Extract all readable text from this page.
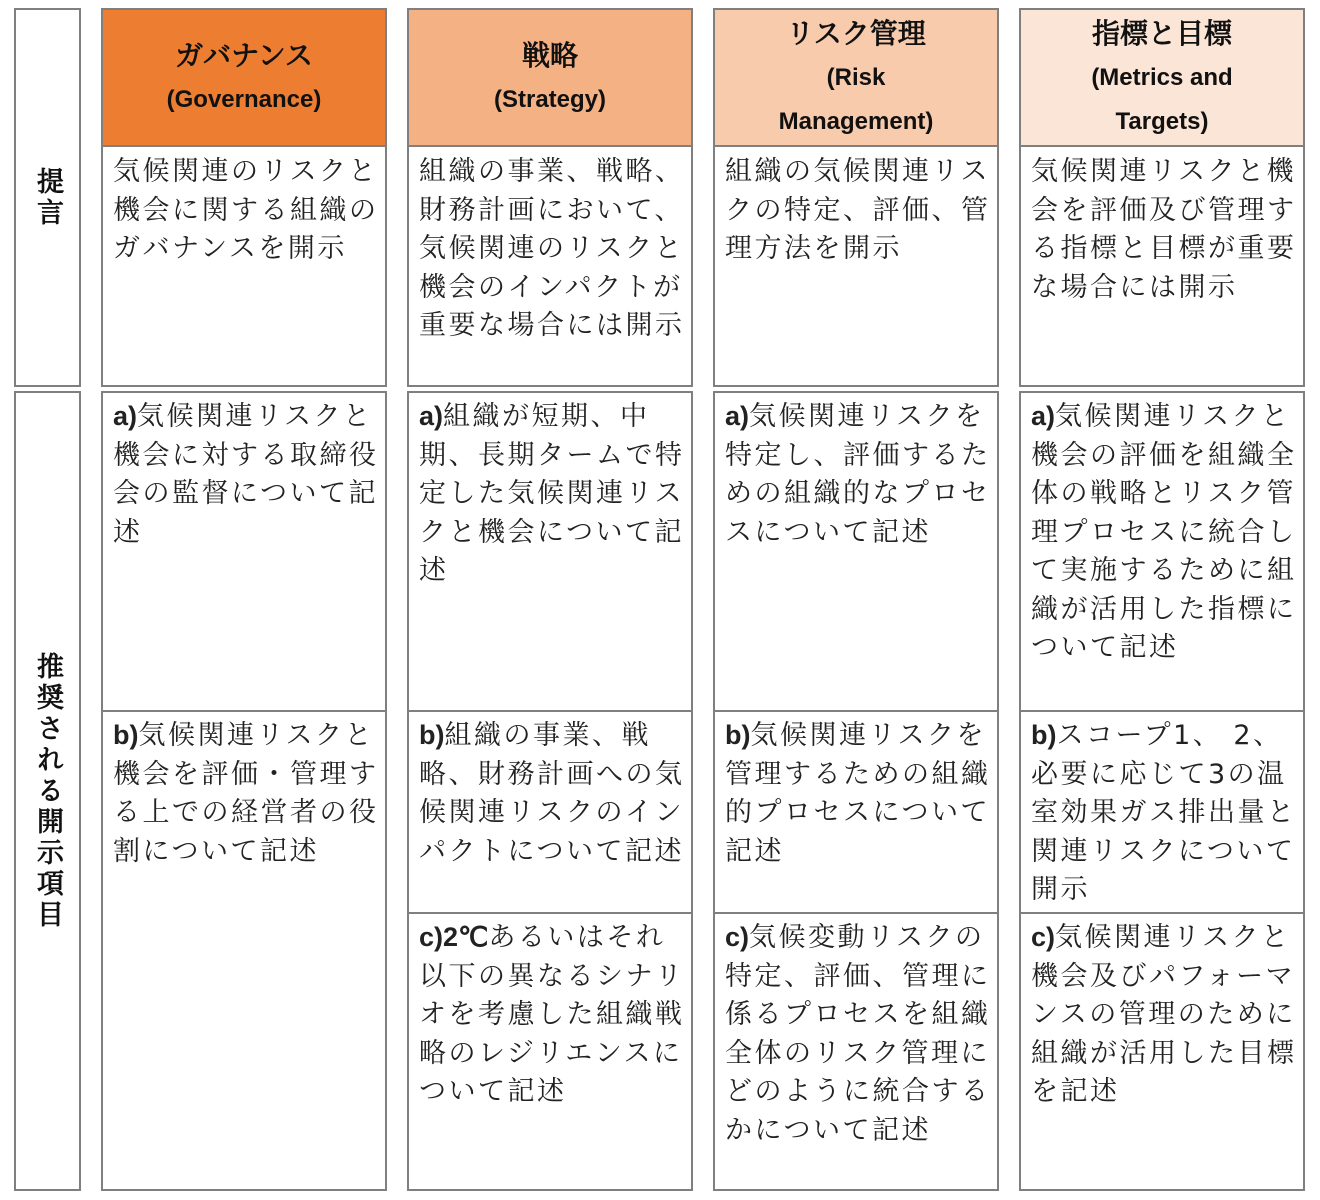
提言
推奨される開示項目
ガバナンス
(Governance)
気候関連のリスクと機会に関する組織のガバナンスを開示
a)気候関連リスクと機会に対する取締役会の監督について記述
b)気候関連リスクと機会を評価・管理する上での経営者の役割について記述
戦略
(Strategy)
組織の事業、戦略、財務計画において、気候関連のリスクと機会のインパクトが重要な場合には開示
a)組織が短期、中期、長期タームで特定した気候関連リスクと機会について記述
b)組織の事業、戦略、財務計画への気候関連リスクのインパクトについて記述
c)2℃あるいはそれ以下の異なるシナリオを考慮した組織戦略のレジリエンスについて記述
リスク管理
(Risk
Management)
組織の気候関連リスクの特定、評価、管理方法を開示
a)気候関連リスクを特定し、評価するための組織的なプロセスについて記述
b)気候関連リスクを管理するための組織的プロセスについて記述
c)気候変動リスクの特定、評価、管理に係るプロセスを組織全体のリスク管理にどのように統合するかについて記述
指標と目標
(Metrics and
Targets)
気候関連リスクと機会を評価及び管理する指標と目標が重要な場合には開示
a)気候関連リスクと機会の評価を組織全体の戦略とリスク管理プロセスに統合して実施するために組織が活用した指標について記述
b)スコープ1、 2、必要に応じて3の温室効果ガス排出量と関連リスクについて開示
c)気候関連リスクと機会及びパフォーマンスの管理のために組織が活用した目標を記述
